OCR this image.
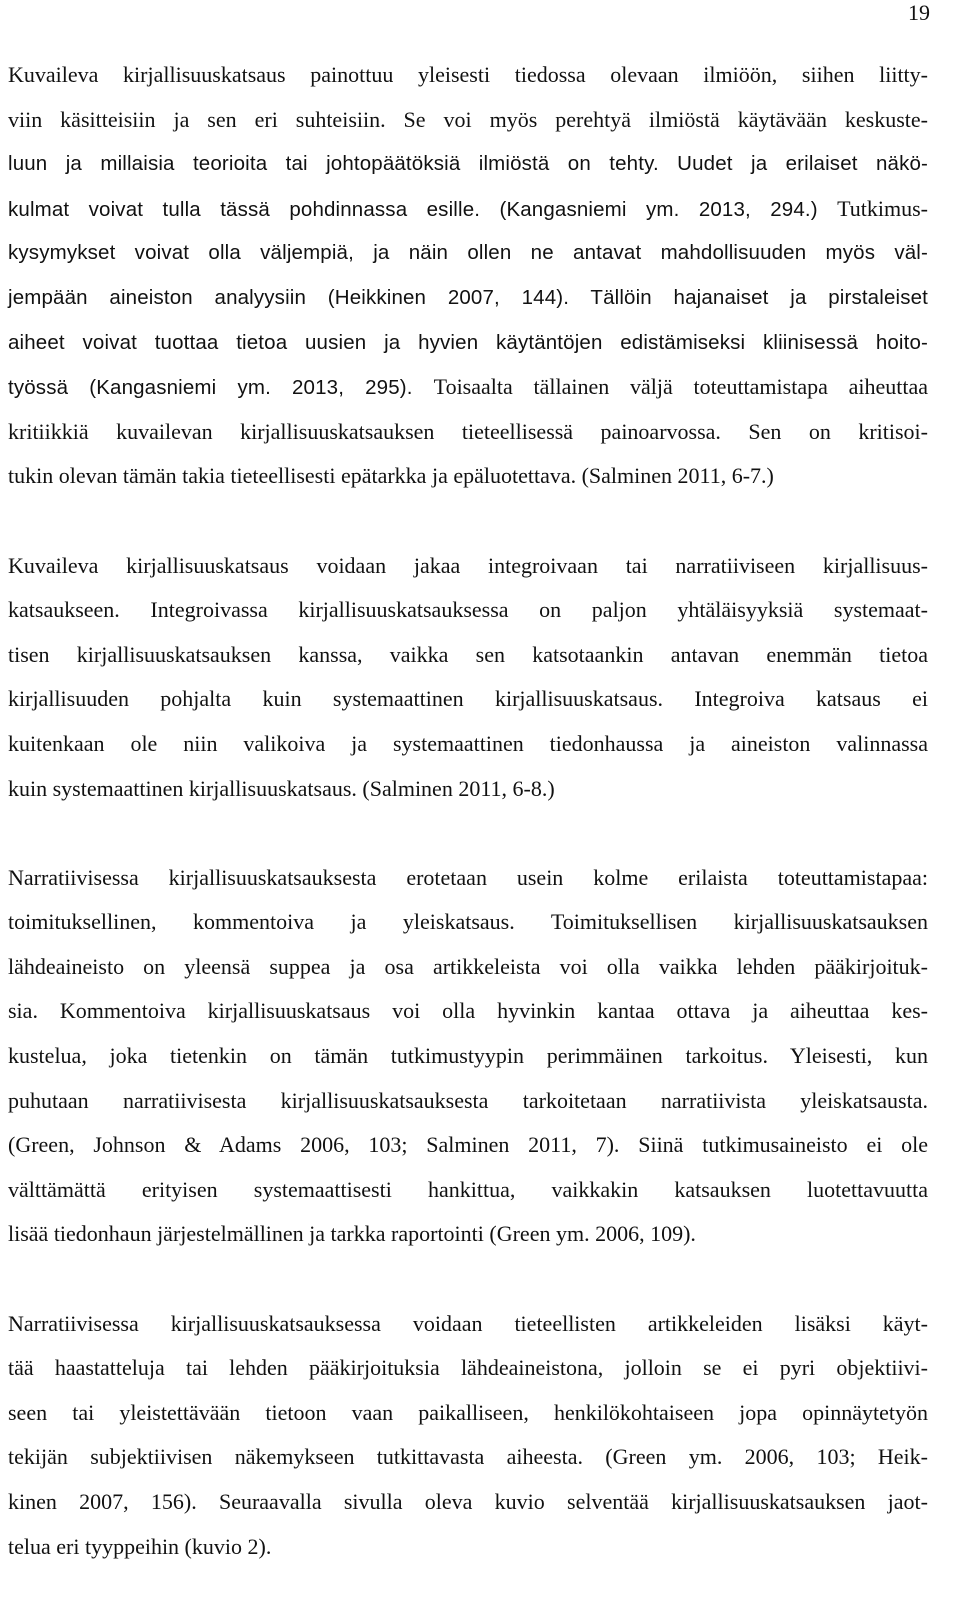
19
Kuvaileva kirjallisuuskatsaus painottuu yleisesti tiedossa olevaan ilmiöön, siihen liitty-
viin käsitteisiin ja sen eri suhteisiin. Se voi myös perehtyä ilmiöstä käytävään keskuste-
luun ja millaisia teorioita tai johtopäätöksiä ilmiöstä on tehty. Uudet ja erilaiset näkö-
kulmat voivat tulla tässä pohdinnassa esille. (Kangasniemi ym. 2013, 294.) Tutkimus-
kysymykset voivat olla väljempiä, ja näin ollen ne antavat mahdollisuuden myös väl-
jempään aineiston analyysiin (Heikkinen 2007, 144). Tällöin hajanaiset ja pirstaleiset
aiheet voivat tuottaa tietoa uusien ja hyvien käytäntöjen edistämiseksi kliinisessä hoito-
työssä (Kangasniemi ym. 2013, 295). Toisaalta tällainen väljä toteuttamistapa aiheuttaa
kritiikkiä kuvailevan kirjallisuuskatsauksen tieteellisessä painoarvossa. Sen on kritisoi-
tukin olevan tämän takia tieteellisesti epätarkka ja epäluotettava. (Salminen 2011, 6-7.)
Kuvaileva kirjallisuuskatsaus voidaan jakaa integroivaan tai narratiiviseen kirjallisuus-
katsaukseen. Integroivassa kirjallisuuskatsauksessa on paljon yhtäläisyyksiä systemaat-
tisen kirjallisuuskatsauksen kanssa, vaikka sen katsotaankin antavan enemmän tietoa
kirjallisuuden pohjalta kuin systemaattinen kirjallisuuskatsaus. Integroiva katsaus ei
kuitenkaan ole niin valikoiva ja systemaattinen tiedonhaussa ja aineiston valinnassa
kuin systemaattinen kirjallisuuskatsaus. (Salminen 2011, 6-8.)
Narratiivisessa kirjallisuuskatsauksesta erotetaan usein kolme erilaista toteuttamistapaa:
toimituksellinen, kommentoiva ja yleiskatsaus. Toimituksellisen kirjallisuuskatsauksen
lähdeaineisto on yleensä suppea ja osa artikkeleista voi olla vaikka lehden pääkirjoituk-
sia. Kommentoiva kirjallisuuskatsaus voi olla hyvinkin kantaa ottava ja aiheuttaa kes-
kustelua, joka tietenkin on tämän tutkimustyypin perimmäinen tarkoitus. Yleisesti, kun
puhutaan narratiivisesta kirjallisuuskatsauksesta tarkoitetaan narratiivista yleiskatsausta.
(Green, Johnson & Adams 2006, 103; Salminen 2011, 7). Siinä tutkimusaineisto ei ole
välttämättä erityisen systemaattisesti hankittua, vaikkakin katsauksen luotettavuutta
lisää tiedonhaun järjestelmällinen ja tarkka raportointi (Green ym. 2006, 109).
Narratiivisessa kirjallisuuskatsauksessa voidaan tieteellisten artikkeleiden lisäksi käyt-
tää haastatteluja tai lehden pääkirjoituksia lähdeaineistona, jolloin se ei pyri objektiivi-
seen tai yleistettävään tietoon vaan paikalliseen, henkilökohtaiseen jopa opinnäytetyön
tekijän subjektiivisen näkemykseen tutkittavasta aiheesta. (Green ym. 2006, 103; Heik-
kinen 2007, 156). Seuraavalla sivulla oleva kuvio selventää kirjallisuuskatsauksen jaot-
telua eri tyyppeihin (kuvio 2).
